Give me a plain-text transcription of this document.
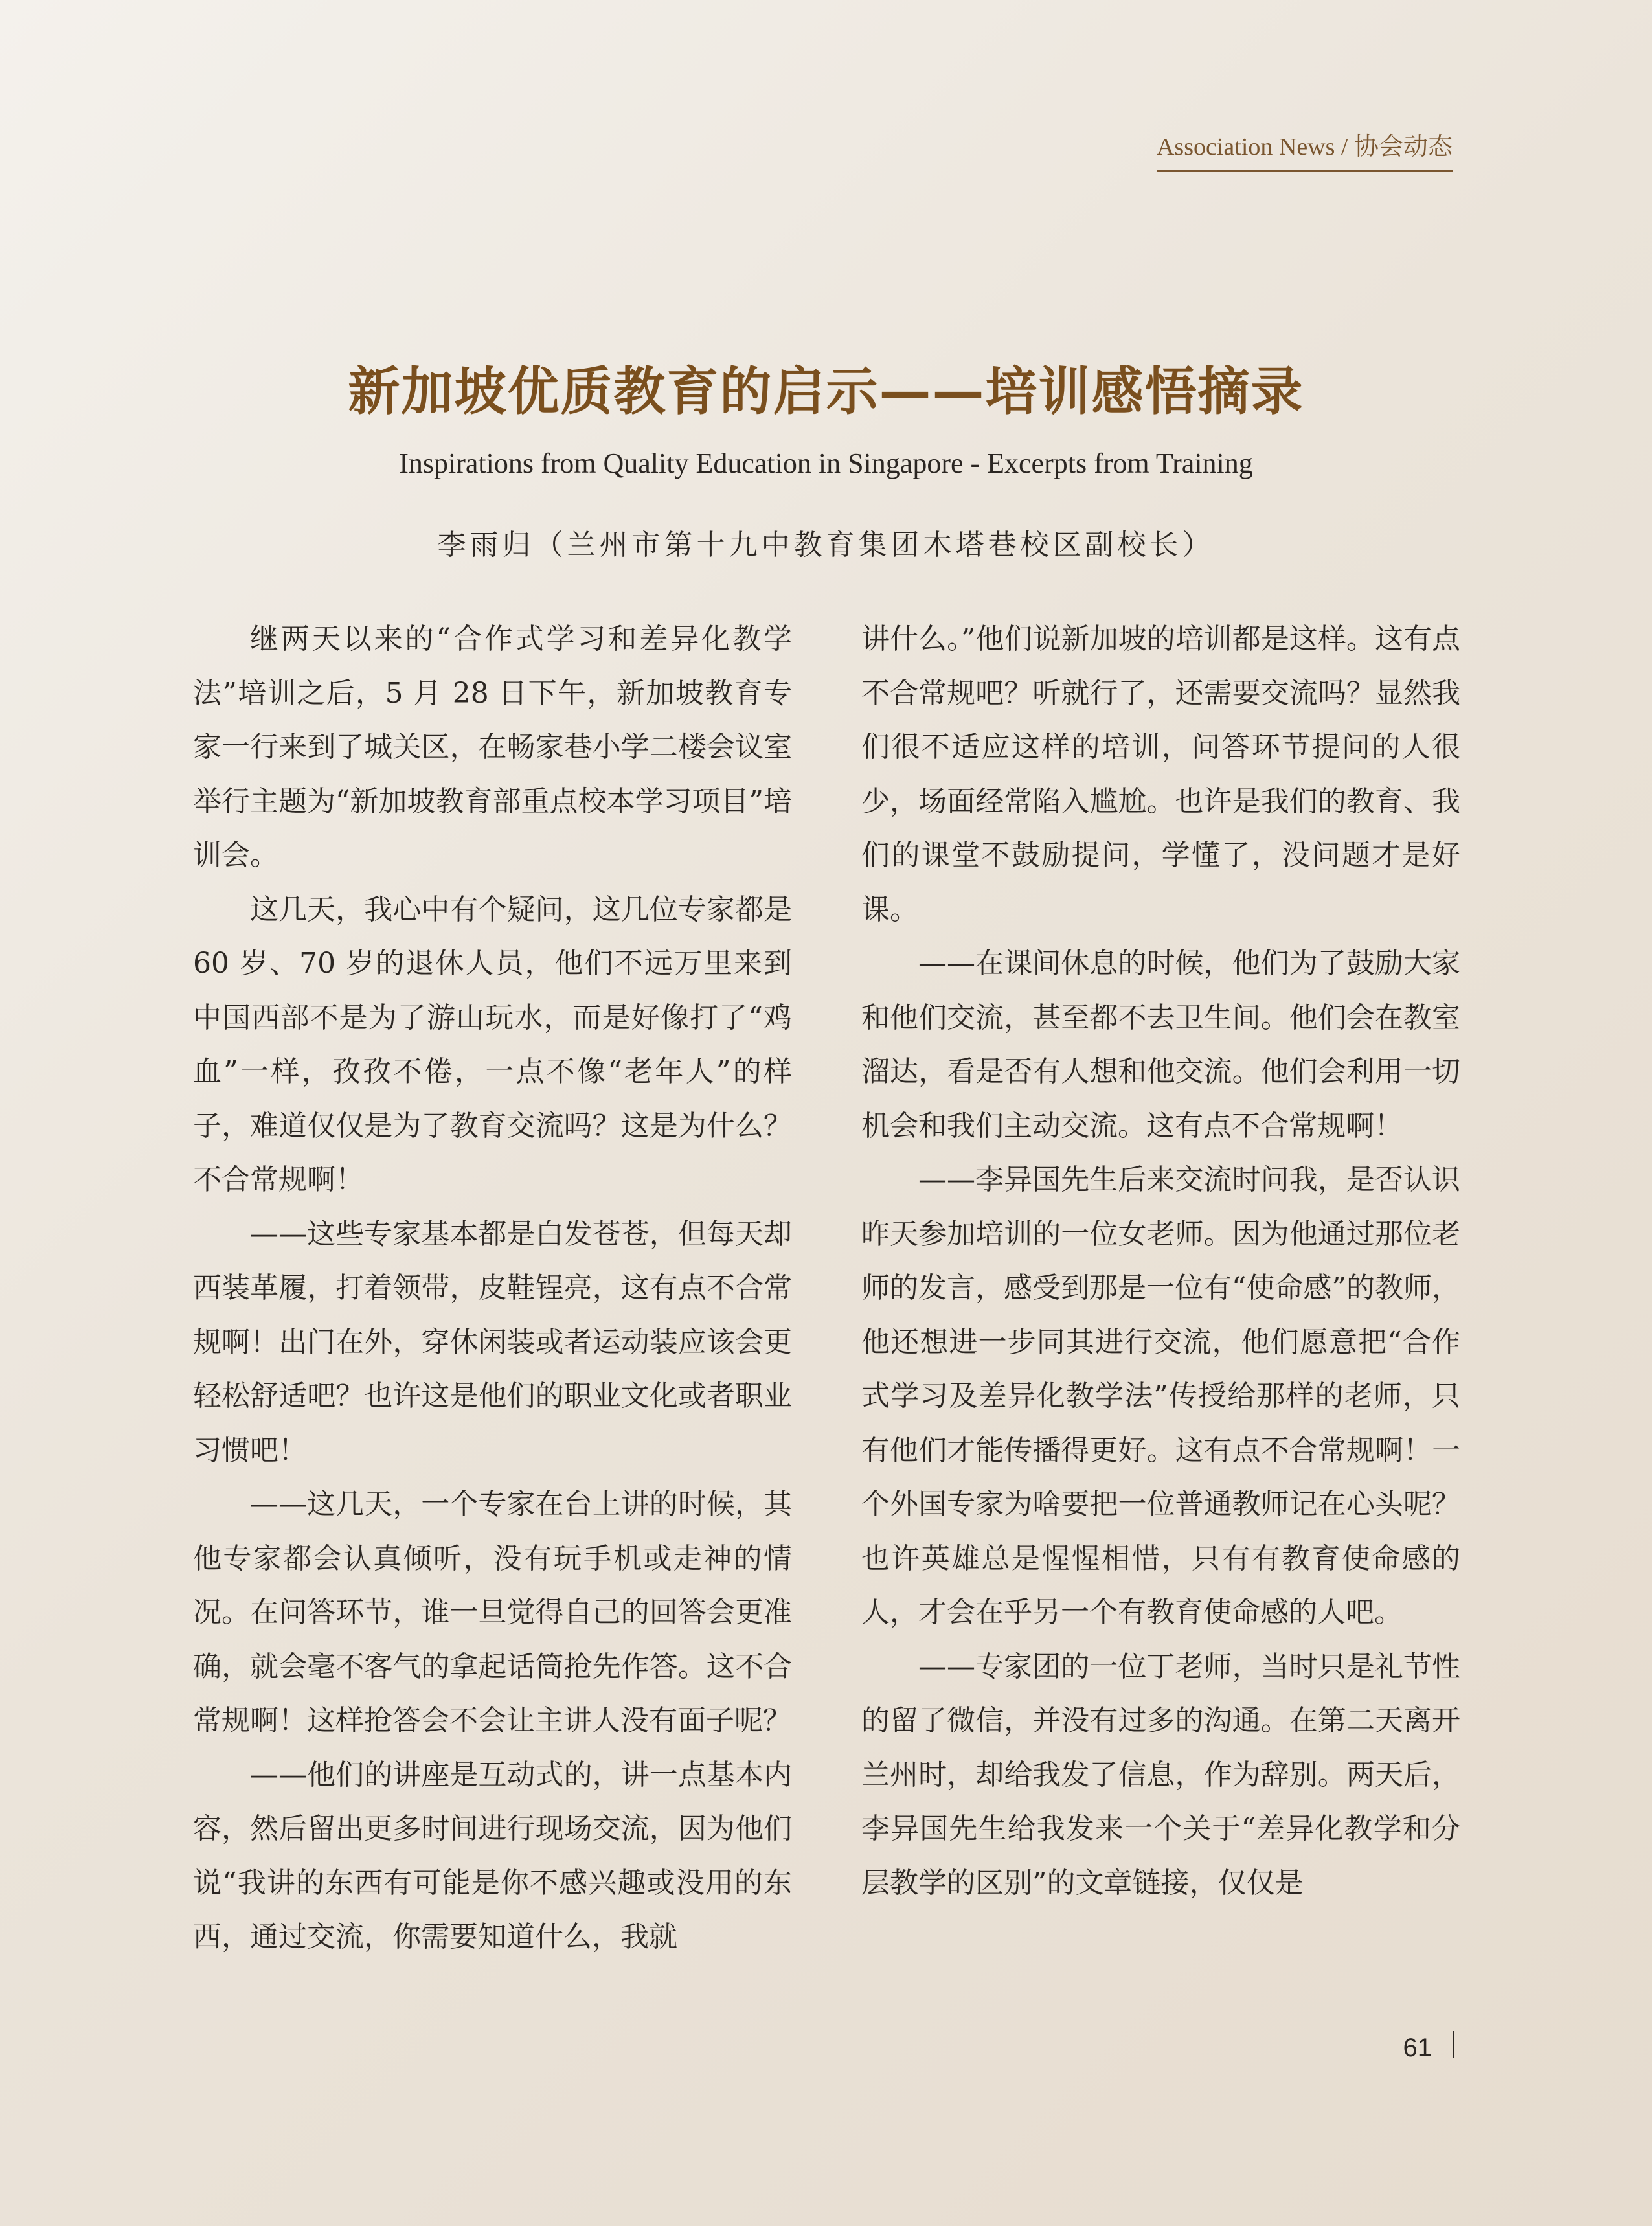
Association News / 协会动态
新加坡优质教育的启示——培训感悟摘录
Inspirations from Quality Education in Singapore - Excerpts from Training
李雨归（兰州市第十九中教育集团木塔巷校区副校长）

继两天以来的“合作式学习和差异化教学法”培训之后，5 月 28 日下午，新加坡教育专家一行来到了城关区，在畅家巷小学二楼会议室举行主题为“新加坡教育部重点校本学习项目”培训会。

这几天，我心中有个疑问，这几位专家都是 60 岁、70 岁的退休人员，他们不远万里来到中国西部不是为了游山玩水，而是好像打了“鸡血”一样，孜孜不倦，一点不像“老年人”的样子，难道仅仅是为了教育交流吗？这是为什么？不合常规啊！

——这些专家基本都是白发苍苍，但每天却西装革履，打着领带，皮鞋锃亮，这有点不合常规啊！出门在外，穿休闲装或者运动装应该会更轻松舒适吧？也许这是他们的职业文化或者职业习惯吧！

——这几天，一个专家在台上讲的时候，其他专家都会认真倾听，没有玩手机或走神的情况。在问答环节，谁一旦觉得自己的回答会更准确，就会毫不客气的拿起话筒抢先作答。这不合常规啊！这样抢答会不会让主讲人没有面子呢？

——他们的讲座是互动式的，讲一点基本内容，然后留出更多时间进行现场交流，因为他们说“我讲的东西有可能是你不感兴趣或没用的东西，通过交流，你需要知道什么，我就

讲什么。”他们说新加坡的培训都是这样。这有点不合常规吧？听就行了，还需要交流吗？显然我们很不适应这样的培训，问答环节提问的人很少，场面经常陷入尴尬。也许是我们的教育、我们的课堂不鼓励提问，学懂了，没问题才是好课。

——在课间休息的时候，他们为了鼓励大家和他们交流，甚至都不去卫生间。他们会在教室溜达，看是否有人想和他交流。他们会利用一切机会和我们主动交流。这有点不合常规啊！

——李异国先生后来交流时问我，是否认识昨天参加培训的一位女老师。因为他通过那位老师的发言，感受到那是一位有“使命感”的教师，他还想进一步同其进行交流，他们愿意把“合作式学习及差异化教学法”传授给那样的老师，只有他们才能传播得更好。这有点不合常规啊！一个外国专家为啥要把一位普通教师记在心头呢？也许英雄总是惺惺相惜，只有有教育使命感的人，才会在乎另一个有教育使命感的人吧。

——专家团的一位丁老师，当时只是礼节性的留了微信，并没有过多的沟通。在第二天离开兰州时，却给我发了信息，作为辞别。两天后，李异国先生给我发来一个关于“差异化教学和分层教学的区别”的文章链接，仅仅是

61
